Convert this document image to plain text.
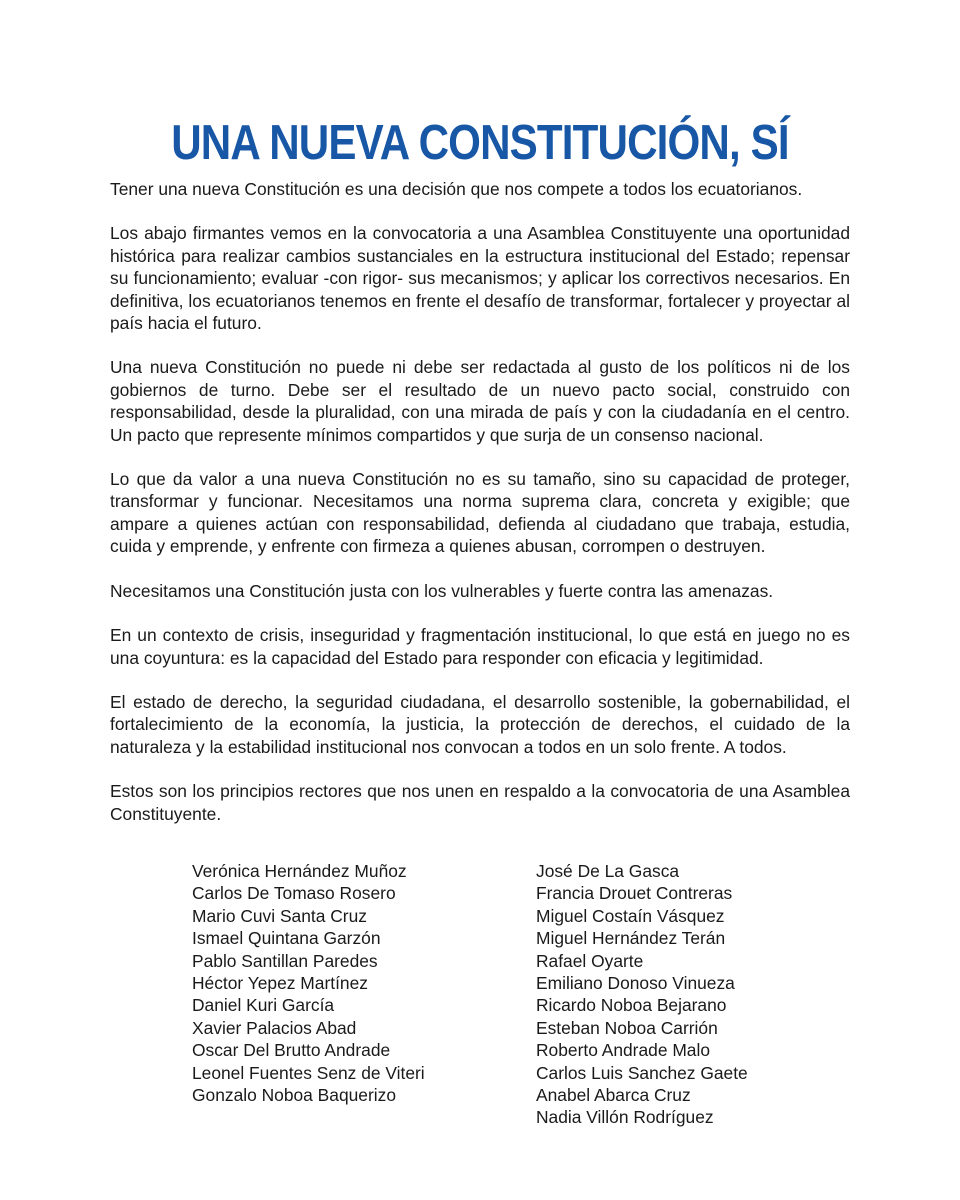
UNA NUEVA CONSTITUCIÓN, SÍ

Tener una nueva Constitución es una decisión que nos compete a todos los ecuatorianos.

Los abajo firmantes vemos en la convocatoria a una Asamblea Constituyente una oportunidad histórica para realizar cambios sustanciales en la estructura institucional del Estado; repensar su funcionamiento; evaluar -con rigor- sus mecanismos; y aplicar los correctivos necesarios. En definitiva, los ecuatorianos tenemos en frente el desafío de transformar, fortalecer y proyectar al país hacia el futuro.

Una nueva Constitución no puede ni debe ser redactada al gusto de los políticos ni de los gobiernos de turno. Debe ser el resultado de un nuevo pacto social, construido con responsabilidad, desde la pluralidad, con una mirada de país y con la ciudadanía en el centro. Un pacto que represente mínimos compartidos y que surja de un consenso nacional.

Lo que da valor a una nueva Constitución no es su tamaño, sino su capacidad de proteger, transformar y funcionar. Necesitamos una norma suprema clara, concreta y exigible; que ampare a quienes actúan con responsabilidad, defienda al ciudadano que trabaja, estudia, cuida y emprende, y enfrente con firmeza a quienes abusan, corrompen o destruyen.

Necesitamos una Constitución justa con los vulnerables y fuerte contra las amenazas.

En un contexto de crisis, inseguridad y fragmentación institucional, lo que está en juego no es una coyuntura: es la capacidad del Estado para responder con eficacia y legitimidad.

El estado de derecho, la seguridad ciudadana, el desarrollo sostenible, la gobernabilidad, el fortalecimiento de la economía, la justicia, la protección de derechos, el cuidado de la naturaleza y la estabilidad institucional nos convocan a todos en un solo frente. A todos.

Estos son los principios rectores que nos unen en respaldo a la convocatoria de una Asamblea Constituyente.

Verónica Hernández Muñoz
Carlos De Tomaso Rosero
Mario Cuvi Santa Cruz
Ismael Quintana Garzón
Pablo Santillan Paredes
Héctor Yepez Martínez
Daniel Kuri García
Xavier Palacios Abad
Oscar Del Brutto Andrade
Leonel Fuentes Senz de Viteri
Gonzalo Noboa Baquerizo
José De La Gasca
Francia Drouet Contreras
Miguel Costaín Vásquez
Miguel Hernández Terán
Rafael Oyarte
Emiliano Donoso Vinueza
Ricardo Noboa Bejarano
Esteban Noboa Carrión
Roberto Andrade Malo
Carlos Luis Sanchez Gaete
Anabel Abarca Cruz
Nadia Villón Rodríguez
